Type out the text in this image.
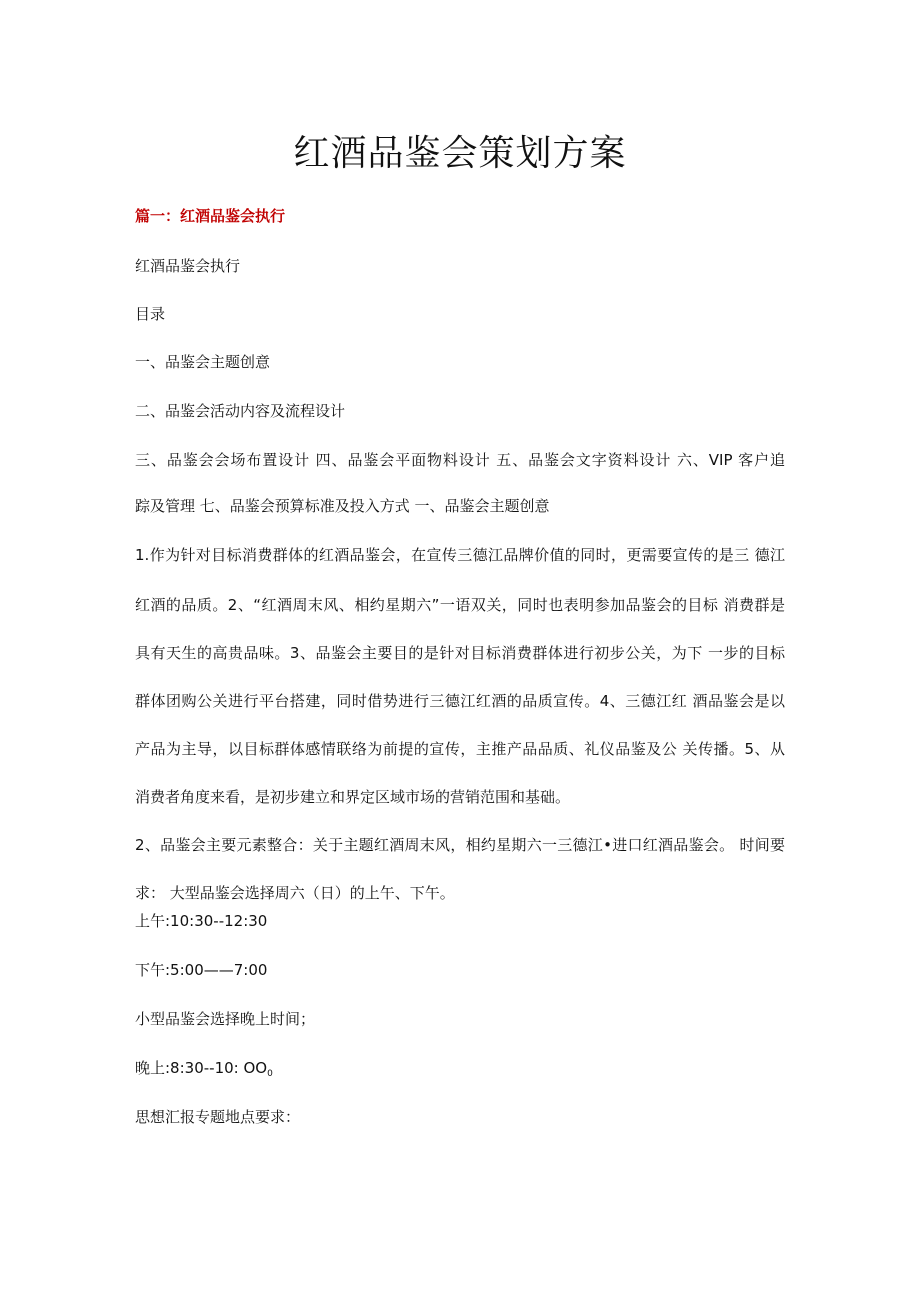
红酒品鉴会策划方案
篇一：红酒品鉴会执行
红酒品鉴会执行
目录
一、品鉴会主题创意
二、品鉴会活动内容及流程设计
三、品鉴会会场布置设计 四、品鉴会平面物料设计 五、品鉴会文字资料设计 六、VIP 客户追
踪及管理 七、品鉴会预算标准及投入方式 一、品鉴会主题创意
1.作为针对目标消费群体的红酒品鉴会，在宣传三德江品牌价值的同时，更需要宣传的是三 德江
红酒的品质。2、“红酒周末风、相约星期六”一语双关，同时也表明参加品鉴会的目标 消费群是
具有天生的高贵品味。3、品鉴会主要目的是针对目标消费群体进行初步公关，为下 一步的目标
群体团购公关进行平台搭建，同时借势进行三德江红酒的品质宣传。4、三德江红 酒品鉴会是以
产品为主导，以目标群体感情联络为前提的宣传，主推产品品质、礼仪品鉴及公 关传播。5、从
消费者角度来看，是初步建立和界定区域市场的营销范围和基础。
2、品鉴会主要元素整合：关于主题红酒周末风，相约星期六一三德江•进口红酒品鉴会。 时间要
求： 大型品鉴会选择周六（日）的上午、下午。
上午:10:30--12:30
下午:5:00——7:00
小型品鉴会选择晚上时间；
晚上:8:30--10: $OO_0$
思想汇报专题地点要求：
